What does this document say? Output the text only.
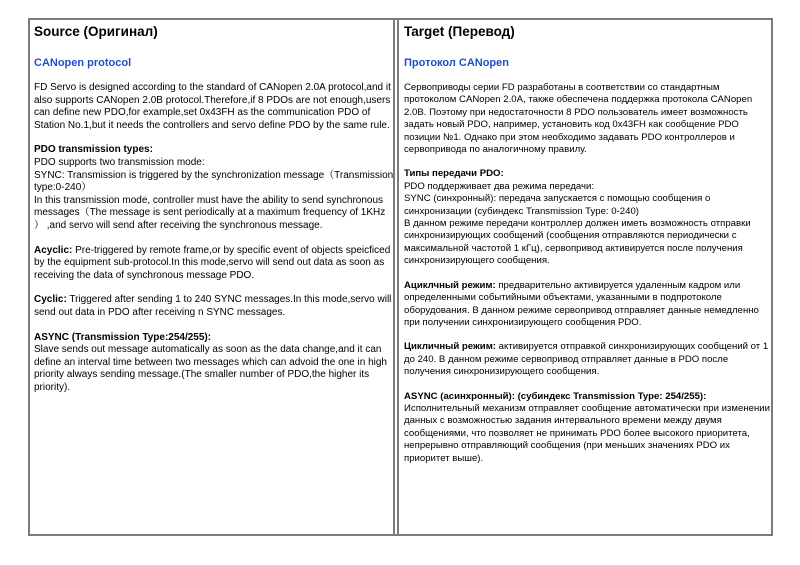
Source (Оригинал)
CANopen protocol

FD Servo is designed according to the standard of CANopen 2.0A protocol,and it also supports CANopen 2.0B protocol.Therefore,if 8 PDOs are not enough,users can define new PDO,for example,set 0x43FH as the communication PDO of Station No.1,but it needs the controllers and servo define PDO by the same rule.

PDO transmission types:
PDO supports two transmission mode:
SYNC: Transmission is triggered by the synchronization message（Transmission type:0-240）
In this transmission mode, controller must have the ability to send synchronous messages（The message is sent periodically at a maximum frequency of 1KHz ） ,and servo will send after receiving the synchronous message.

Acyclic: Pre-triggered by remote frame,or by specific event of objects speicficed by the equipment sub-protocol.In this mode,servo will send out data as soon as receiving the data of synchronous message PDO.

Cyclic: Triggered after sending 1 to 240 SYNC messages.In this mode,servo will send out data in PDO after receiving n SYNC messages.

ASYNC (Transmission Type:254/255):
Slave sends out message automatically as soon as the data change,and it can define an interval time between two messages which can advoid the one in high priority always sending message.(The smaller number of PDO,the higher its priority).

Target (Перевод)
Протокол CANopen

Сервоприводы серии FD разработаны в соответствии со стандартным протоколом CANopen 2.0A, также обеспечена поддержка протокола CANopen 2.0B. Поэтому при недостаточности 8 PDO пользователь имеет возможность задать новый PDO, например, установить код 0x43FH как сообщение PDO позиции №1. Однако при этом необходимо задавать PDO контроллеров и сервопривода по аналогичному правилу.

Типы передачи PDO:
PDO поддерживает два режима передачи:
SYNC (синхронный): передача запускается с помощью сообщения о синхронизации (субиндекс Transmission Type: 0-240)
В данном режиме передачи контроллер должен иметь возможность отправки синхронизирующих сообщений (сообщения отправляются периодически с максимальной частотой 1 кГц), сервопривод активируется после получения синхронизирующего сообщения.

Ациклчный режим: предварительно активируется удаленным кадром или определенными событийными объектами, указанными в подпротоколе оборудования. В данном режиме сервопривод отправляет данные немедленно при получении синхронизирующего сообщения PDO.

Цикличный режим: активируется отправкой синхронизирующих сообщений от 1 до 240. В данном режиме сервопривод отправляет данные в PDO после получения синхронизирующего сообщения.

ASYNC (асинхронный): (субиндекс Transmission Type: 254/255):
Исполнительный механизм отправляет сообщение автоматически при изменении данных с возможностью задания интервального времени между двумя сообщениями, что позволяет не принимать PDO более высокого приоритета, непрерывно отправляющий сообщения (при меньших значениях PDO их приоритет выше).
